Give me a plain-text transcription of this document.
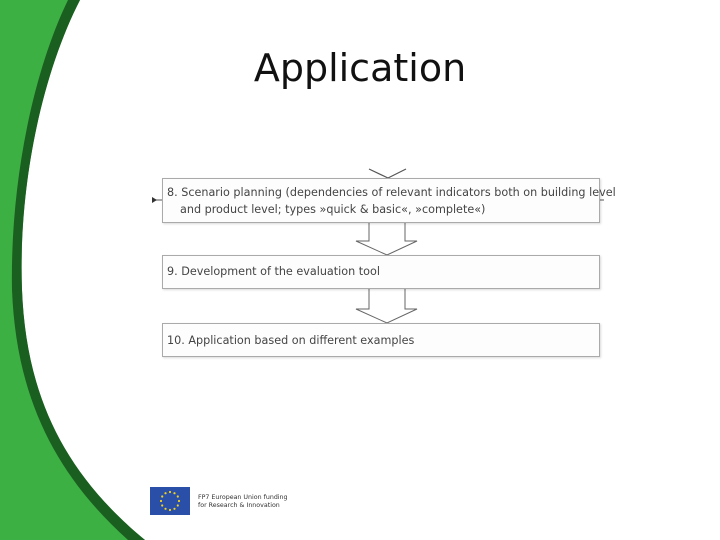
Application
8. Scenario planning (dependencies of relevant indicators both on building level
and product level; types »quick & basic«, »complete«)
9. Development of the evaluation tool
10. Application based on different examples
FP7 European Union funding
for Research & Innovation
